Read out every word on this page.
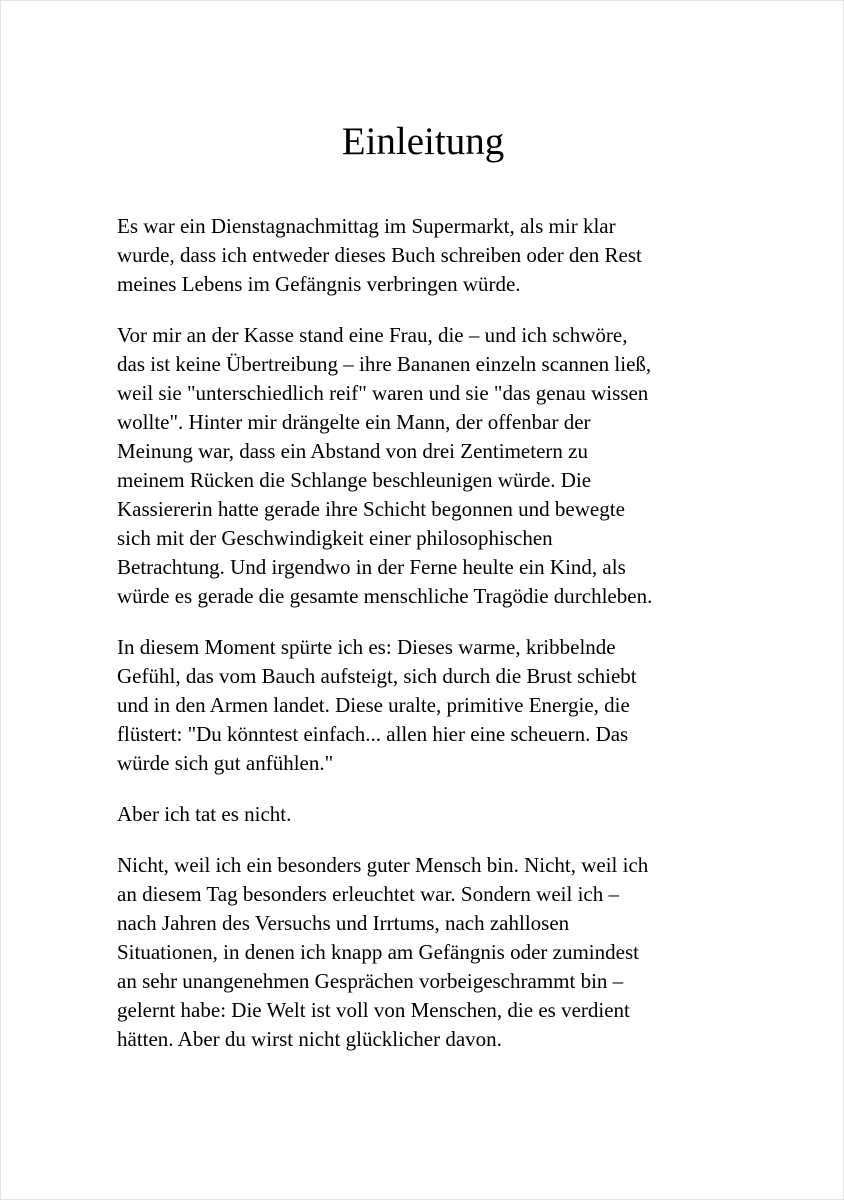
Einleitung

Es war ein Dienstagnachmittag im Supermarkt, als mir klar
wurde, dass ich entweder dieses Buch schreiben oder den Rest
meines Lebens im Gefängnis verbringen würde.

Vor mir an der Kasse stand eine Frau, die – und ich schwöre,
das ist keine Übertreibung – ihre Bananen einzeln scannen ließ,
weil sie "unterschiedlich reif" waren und sie "das genau wissen
wollte". Hinter mir drängelte ein Mann, der offenbar der
Meinung war, dass ein Abstand von drei Zentimetern zu
meinem Rücken die Schlange beschleunigen würde. Die
Kassiererin hatte gerade ihre Schicht begonnen und bewegte
sich mit der Geschwindigkeit einer philosophischen
Betrachtung. Und irgendwo in der Ferne heulte ein Kind, als
würde es gerade die gesamte menschliche Tragödie durchleben.

In diesem Moment spürte ich es: Dieses warme, kribbelnde
Gefühl, das vom Bauch aufsteigt, sich durch die Brust schiebt
und in den Armen landet. Diese uralte, primitive Energie, die
flüstert: "Du könntest einfach... allen hier eine scheuern. Das
würde sich gut anfühlen."

Aber ich tat es nicht.

Nicht, weil ich ein besonders guter Mensch bin. Nicht, weil ich
an diesem Tag besonders erleuchtet war. Sondern weil ich –
nach Jahren des Versuchs und Irrtums, nach zahllosen
Situationen, in denen ich knapp am Gefängnis oder zumindest
an sehr unangenehmen Gesprächen vorbeigeschrammt bin –
gelernt habe: Die Welt ist voll von Menschen, die es verdient
hätten. Aber du wirst nicht glücklicher davon.
